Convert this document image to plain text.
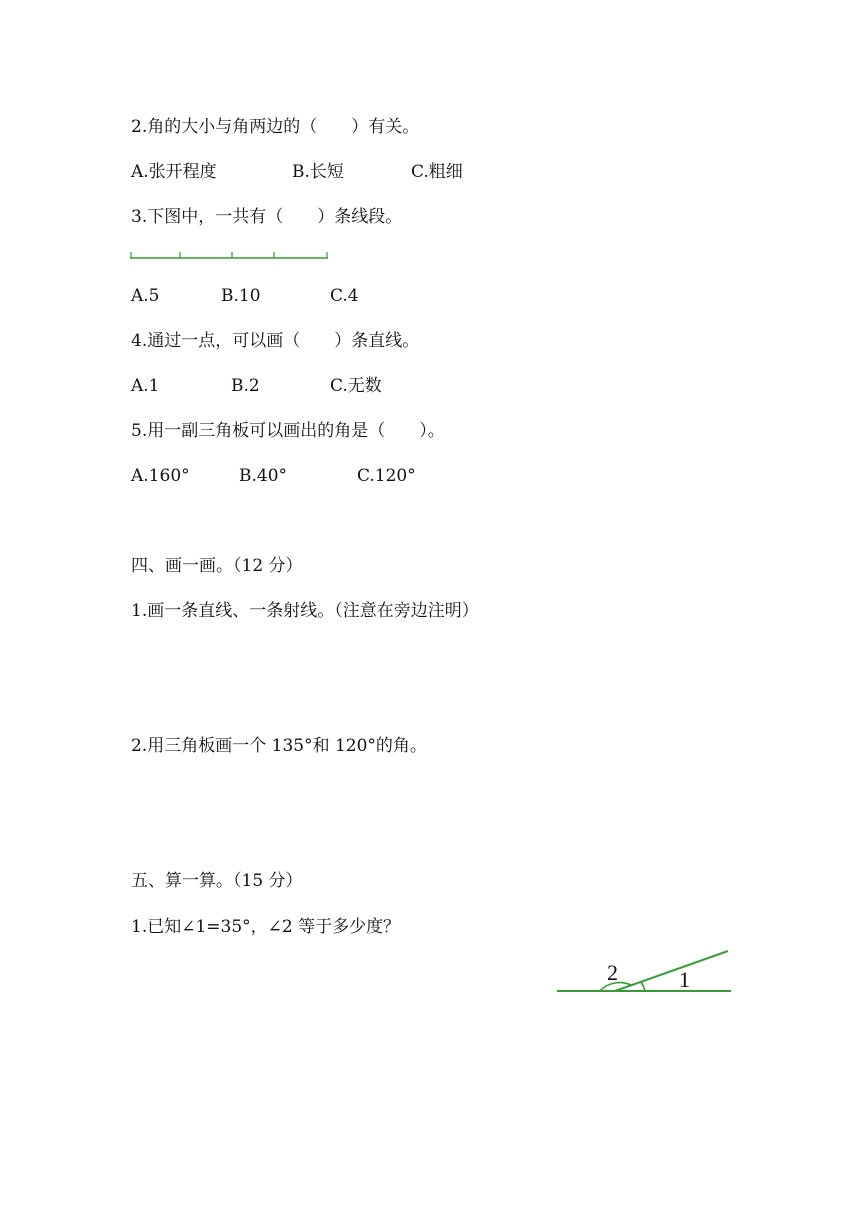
2.角的大小与角两边的（　　）有关。
A.张开程度	B.长短	C.粗细
3.下图中，一共有（　　）条线段。
A.5	B.10	C.4
4.通过一点，可以画（　　）条直线。
A.1	B.2	C.无数
5.用一副三角板可以画出的角是（　　）。
A.160°	B.40°	C.120°
四、画一画。（12 分）
1.画一条直线、一条射线。（注意在旁边注明）
2.用三角板画一个 135°和 120°的角。
五、算一算。（15 分）
1.已知∠1=35°，∠2 等于多少度？
2	1
